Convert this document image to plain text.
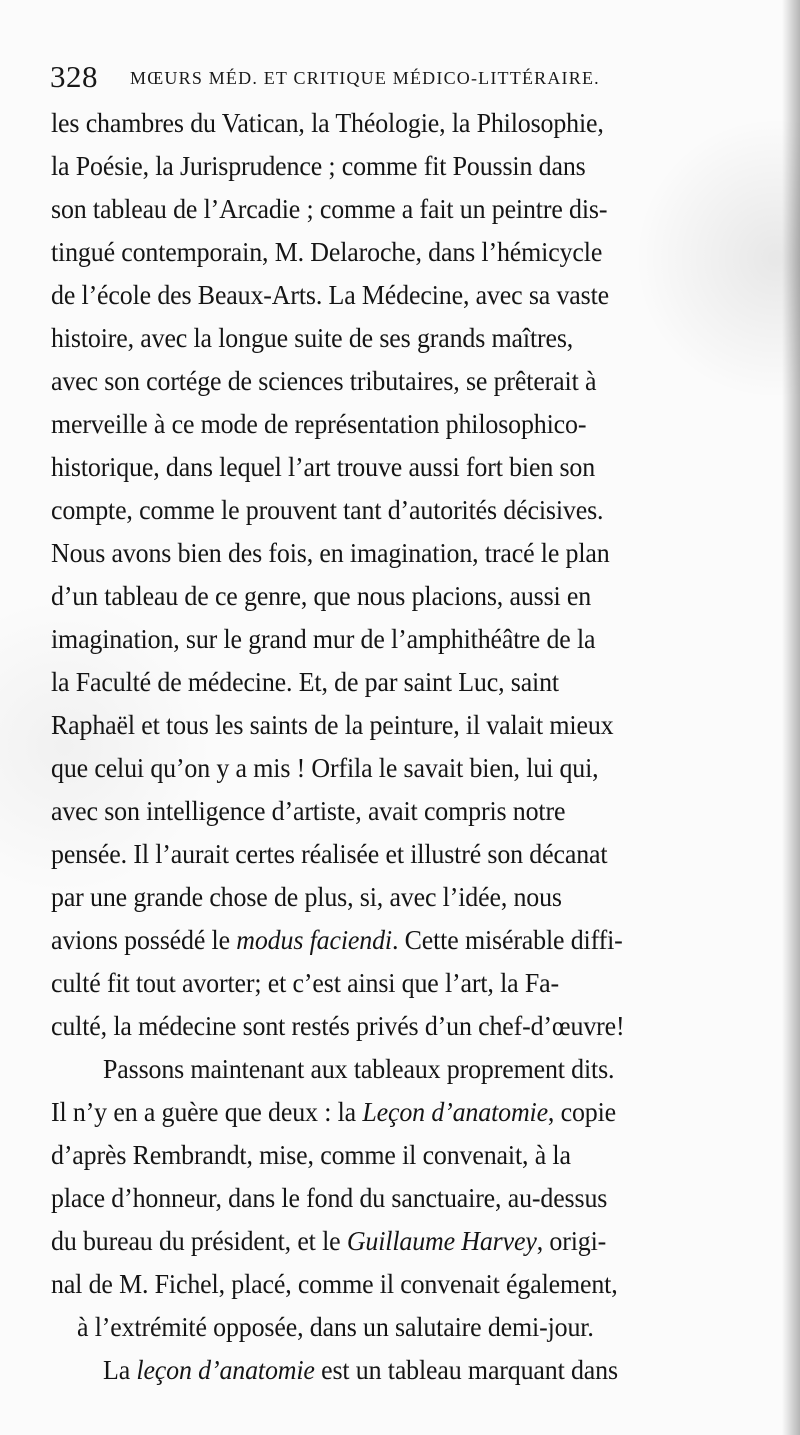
328 MŒURS MÉD. ET CRITIQUE MÉDICO-LITTÉRAIRE.
les chambres du Vatican, la Théologie, la Philosophie,
la Poésie, la Jurisprudence ; comme fit Poussin dans
son tableau de l’Arcadie ; comme a fait un peintre dis-
tingué contemporain, M. Delaroche, dans l’hémicycle
de l’école des Beaux-Arts. La Médecine, avec sa vaste
histoire, avec la longue suite de ses grands maîtres,
avec son cortége de sciences tributaires, se prêterait à
merveille à ce mode de représentation philosophico-
historique, dans lequel l’art trouve aussi fort bien son
compte, comme le prouvent tant d’autorités décisives.
Nous avons bien des fois, en imagination, tracé le plan
d’un tableau de ce genre, que nous placions, aussi en
imagination, sur le grand mur de l’amphithéâtre de la
la Faculté de médecine. Et, de par saint Luc, saint
Raphaël et tous les saints de la peinture, il valait mieux
que celui qu’on y a mis ! Orfila le savait bien, lui qui,
avec son intelligence d’artiste, avait compris notre
pensée. Il l’aurait certes réalisée et illustré son décanat
par une grande chose de plus, si, avec l’idée, nous
avions possédé le modus faciendi. Cette misérable diffi-
culté fit tout avorter; et c’est ainsi que l’art, la Fa-
culté, la médecine sont restés privés d’un chef-d’œuvre!
Passons maintenant aux tableaux proprement dits.
Il n’y en a guère que deux : la Leçon d’anatomie, copie
d’après Rembrandt, mise, comme il convenait, à la
place d’honneur, dans le fond du sanctuaire, au-dessus
du bureau du président, et le Guillaume Harvey, origi-
nal de M. Fichel, placé, comme il convenait également,
à l’extrémité opposée, dans un salutaire demi-jour.
La leçon d’anatomie est un tableau marquant dans
